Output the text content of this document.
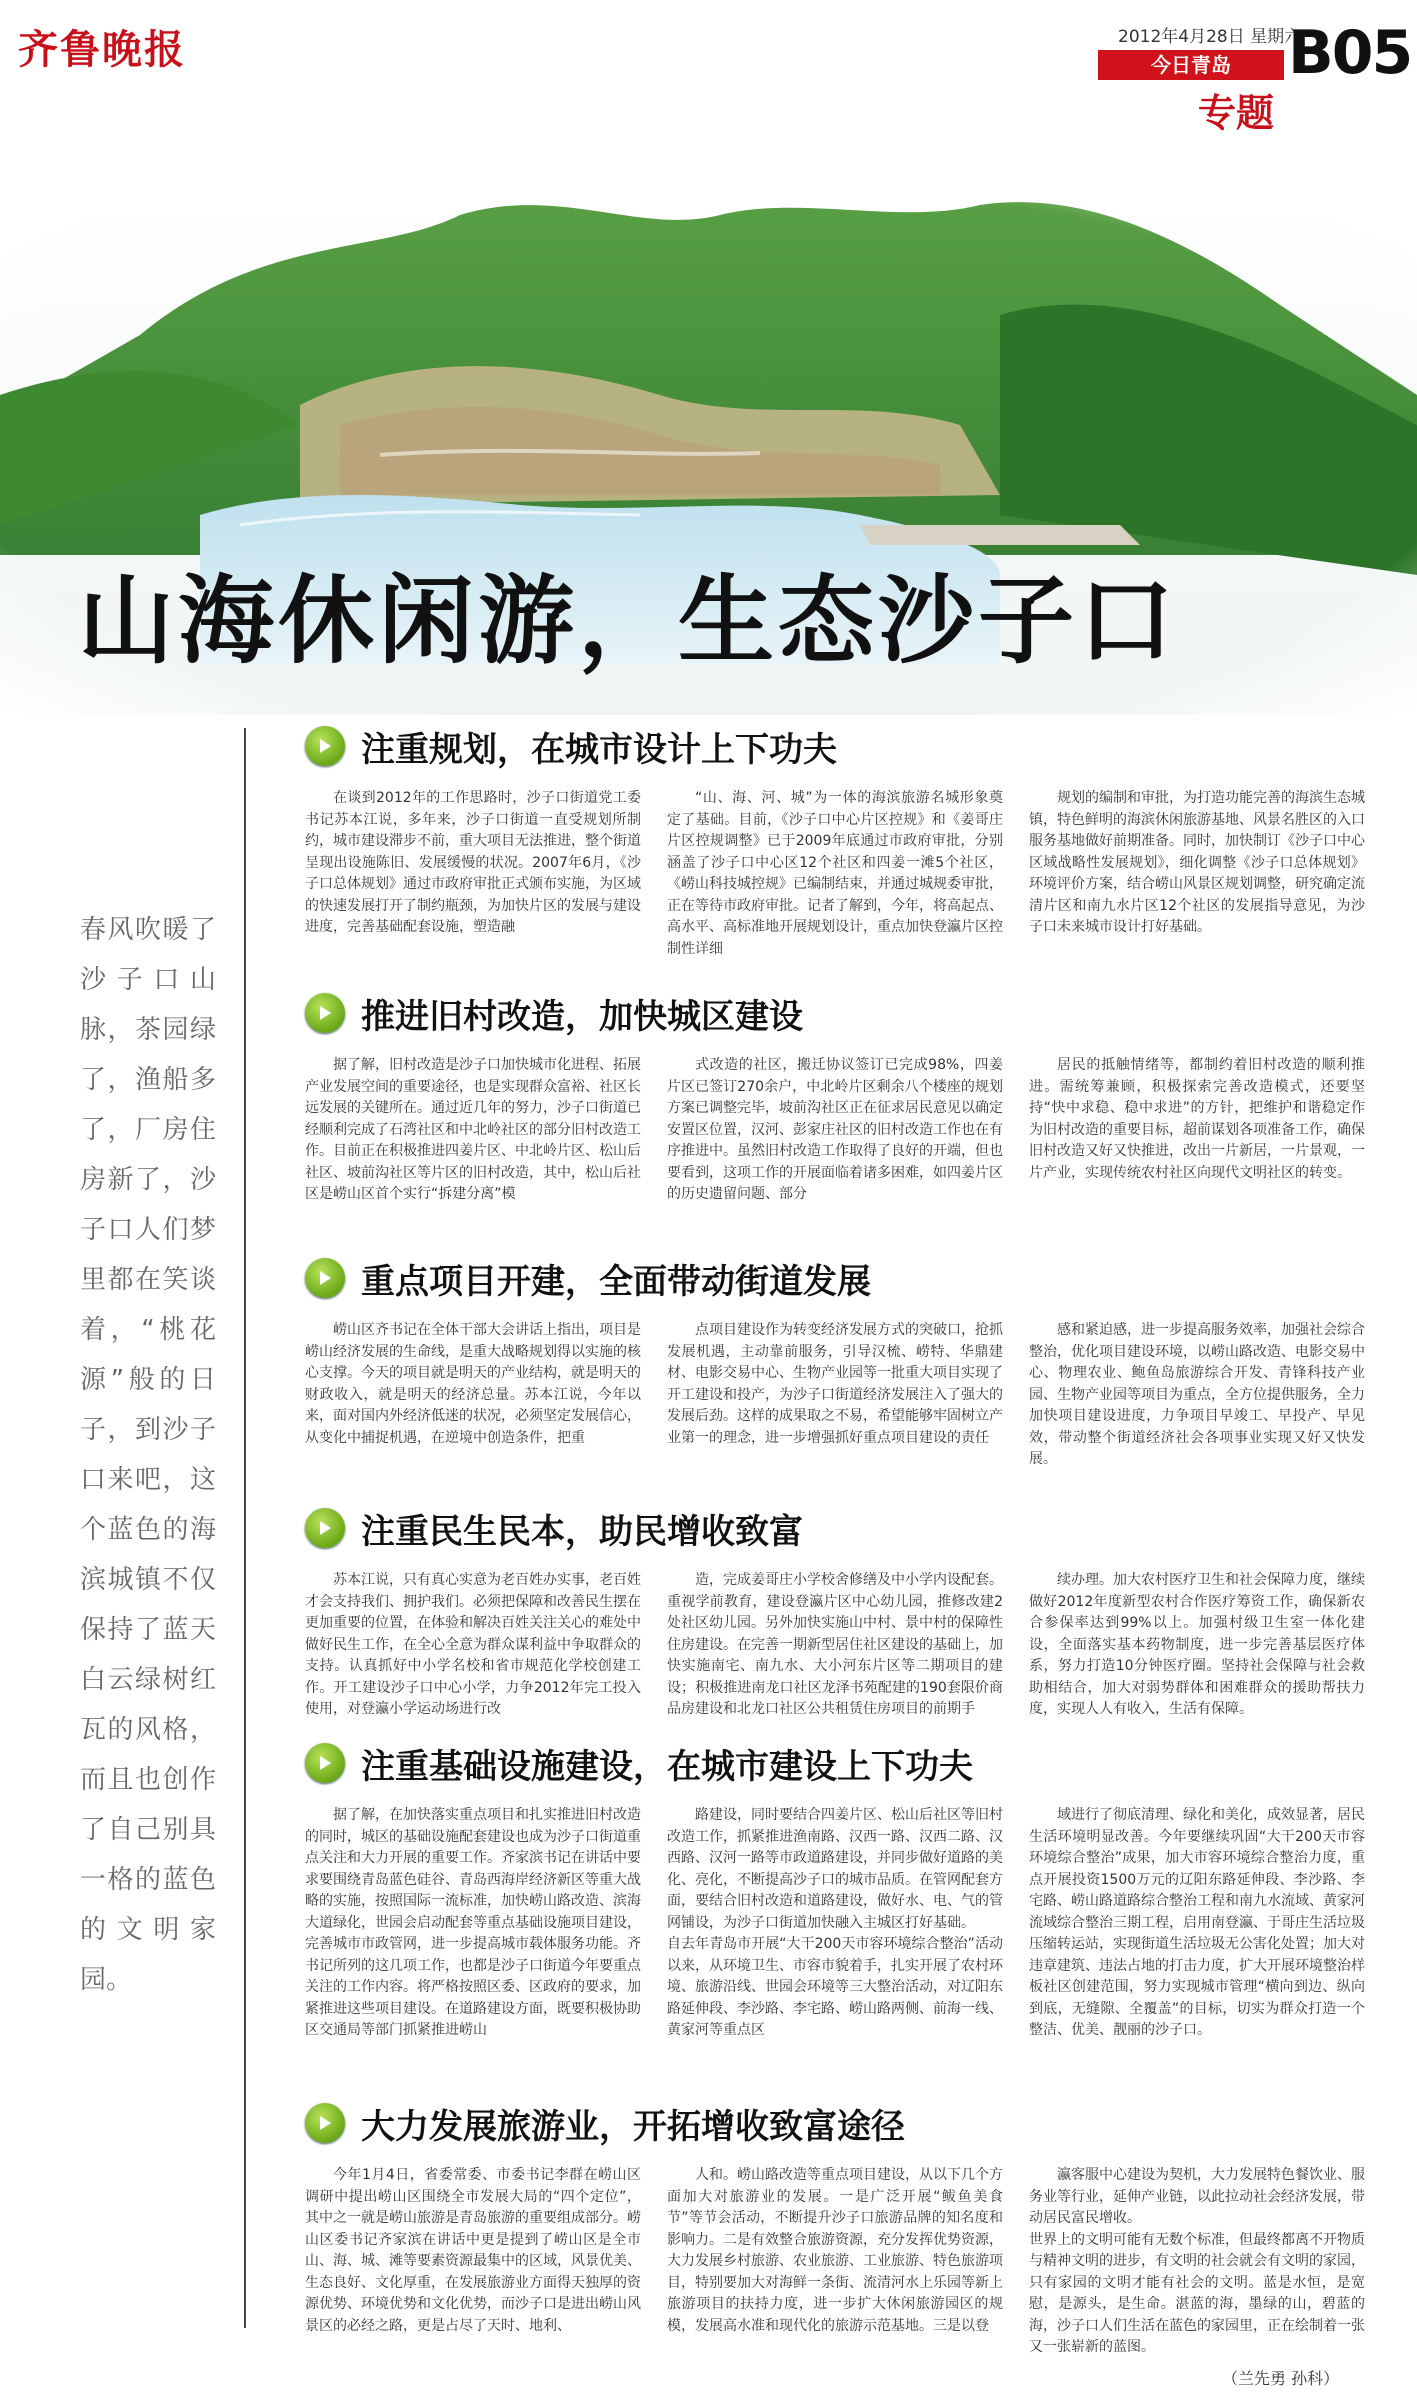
齐鲁晚报	2012年4月28日 星期六
今日青岛 B05
专题
山海休闲游，生态沙子口
春风吹暖了沙子口山脉，茶园绿了，渔船多了，厂房住房新了，沙子口人们梦里都在笑谈着，“桃花源”般的日子，到沙子口来吧，这个蓝色的海滨城镇不仅保持了蓝天白云绿树红瓦的风格，而且也创作了自己别具一格的蓝色的文明家园。
注重规划，在城市设计上下功夫
在谈到2012年的工作思路时，沙子口街道党工委书记苏本江说，多年来，沙子口街道一直受规划所制约，城市建设滞步不前，重大项目无法推进，整个街道呈现出设施陈旧、发展缓慢的状况。2007年6月，《沙子口总体规划》通过市政府审批正式颁布实施，为区域的快速发展打开了制约瓶颈，为加快片区的发展与建设进度，完善基础配套设施，塑造融
“山、海、河、城”为一体的海滨旅游名城形象奠定了基础。目前，《沙子口中心片区控规》和《姜哥庄片区控规调整》已于2009年底通过市政府审批，分别涵盖了沙子口中心区12个社区和四姜一滩5个社区，《崂山科技城控规》已编制结束，并通过城规委审批，正在等待市政府审批。记者了解到，今年，将高起点、高水平、高标准地开展规划设计，重点加快登瀛片区控制性详细
规划的编制和审批，为打造功能完善的海滨生态城镇，特色鲜明的海滨休闲旅游基地、风景名胜区的入口服务基地做好前期准备。同时，加快制订《沙子口中心区域战略性发展规划》，细化调整《沙子口总体规划》环境评价方案，结合崂山风景区规划调整，研究确定流清片区和南九水片区12个社区的发展指导意见，为沙子口未来城市设计打好基础。
推进旧村改造，加快城区建设
据了解，旧村改造是沙子口加快城市化进程、拓展产业发展空间的重要途径，也是实现群众富裕、社区长远发展的关键所在。通过近几年的努力，沙子口街道已经顺利完成了石湾社区和中北岭社区的部分旧村改造工作。目前正在积极推进四姜片区、中北岭片区、松山后社区、坡前沟社区等片区的旧村改造，其中，松山后社区是崂山区首个实行“拆建分离”模
式改造的社区，搬迁协议签订已完成98%，四姜片区已签订270余户，中北岭片区剩余八个楼座的规划方案已调整完毕，坡前沟社区正在征求居民意见以确定安置区位置，汉河、彭家庄社区的旧村改造工作也在有序推进中。虽然旧村改造工作取得了良好的开端，但也要看到，这项工作的开展面临着诸多困难，如四姜片区的历史遗留问题、部分
居民的抵触情绪等，都制约着旧村改造的顺利推进。需统筹兼顾，积极探索完善改造模式，还要坚持“快中求稳、稳中求进”的方针，把维护和谐稳定作为旧村改造的重要目标，超前谋划各项准备工作，确保旧村改造又好又快推进，改出一片新居，一片景观，一片产业，实现传统农村社区向现代文明社区的转变。
重点项目开建，全面带动街道发展
崂山区齐书记在全体干部大会讲话上指出，项目是崂山经济发展的生命线，是重大战略规划得以实施的核心支撑。今天的项目就是明天的产业结构，就是明天的财政收入，就是明天的经济总量。苏本江说，今年以来，面对国内外经济低迷的状况，必须坚定发展信心，从变化中捕捉机遇，在逆境中创造条件，把重
点项目建设作为转变经济发展方式的突破口，抢抓发展机遇，主动靠前服务，引导汉梳、崂特、华鼎建材、电影交易中心、生物产业园等一批重大项目实现了开工建设和投产，为沙子口街道经济发展注入了强大的发展后劲。这样的成果取之不易，希望能够牢固树立产业第一的理念，进一步增强抓好重点项目建设的责任
感和紧迫感，进一步提高服务效率，加强社会综合整治，优化项目建设环境，以崂山路改造、电影交易中心、物理农业、鲍鱼岛旅游综合开发、青锋科技产业园、生物产业园等项目为重点，全方位提供服务，全力加快项目建设进度，力争项目早竣工、早投产、早见效，带动整个街道经济社会各项事业实现又好又快发展。
注重民生民本，助民增收致富
苏本江说，只有真心实意为老百姓办实事，老百姓才会支持我们、拥护我们。必须把保障和改善民生摆在更加重要的位置，在体验和解决百姓关注关心的难处中做好民生工作，在全心全意为群众谋利益中争取群众的支持。认真抓好中小学名校和省市规范化学校创建工作。开工建设沙子口中心小学，力争2012年完工投入使用，对登瀛小学运动场进行改
造，完成姜哥庄小学校舍修缮及中小学内设配套。重视学前教育，建设登瀛片区中心幼儿园，推修改建2处社区幼儿园。另外加快实施山中村、景中村的保障性住房建设。在完善一期新型居住社区建设的基础上，加快实施南宅、南九水、大小河东片区等二期项目的建设；积极推进南龙口社区龙泽书苑配建的190套限价商品房建设和北龙口社区公共租赁住房项目的前期手
续办理。加大农村医疗卫生和社会保障力度，继续做好2012年度新型农村合作医疗筹资工作，确保新农合参保率达到99%以上。加强村级卫生室一体化建设，全面落实基本药物制度，进一步完善基层医疗体系，努力打造10分钟医疗圈。坚持社会保障与社会救助相结合，加大对弱势群体和困难群众的援助帮扶力度，实现人人有收入，生活有保障。
注重基础设施建设，在城市建设上下功夫
据了解，在加快落实重点项目和扎实推进旧村改造的同时，城区的基础设施配套建设也成为沙子口街道重点关注和大力开展的重要工作。齐家滨书记在讲话中要求要围绕青岛蓝色硅谷、青岛西海岸经济新区等重大战略的实施，按照国际一流标准，加快崂山路改造、滨海大道绿化，世园会启动配套等重点基础设施项目建设，完善城市市政管网，进一步提高城市载体服务功能。齐书记所列的这几项工作，也都是沙子口街道今年要重点关注的工作内容。将严格按照区委、区政府的要求，加紧推进这些项目建设。在道路建设方面，既要积极协助区交通局等部门抓紧推进崂山
路建设，同时要结合四姜片区、松山后社区等旧村改造工作，抓紧推进渔南路、汉西一路、汉西二路、汉西路、汉河一路等市政道路建设，并同步做好道路的美化、亮化，不断提高沙子口的城市品质。在管网配套方面，要结合旧村改造和道路建设，做好水、电、气的管网铺设，为沙子口街道加快融入主城区打好基础。
自去年青岛市开展“大干200天市容环境综合整治”活动以来，从环境卫生、市容市貌着手，扎实开展了农村环境、旅游沿线、世园会环境等三大整治活动，对辽阳东路延伸段、李沙路、李宅路、崂山路两侧、前海一线、黄家河等重点区
域进行了彻底清理、绿化和美化，成效显著，居民生活环境明显改善。今年要继续巩固“大干200天市容环境综合整治”成果，加大市容环境综合整治力度，重点开展投资1500万元的辽阳东路延伸段、李沙路、李宅路、崂山路道路综合整治工程和南九水流域、黄家河流域综合整治三期工程，启用南登瀛、于哥庄生活垃圾压缩转运站，实现街道生活垃圾无公害化处置；加大对违章建筑、违法占地的打击力度，扩大开展环境整治样板社区创建范围，努力实现城市管理“横向到边、纵向到底，无缝隙、全覆盖”的目标，切实为群众打造一个整洁、优美、靓丽的沙子口。
大力发展旅游业，开拓增收致富途径
今年1月4日，省委常委、市委书记李群在崂山区调研中提出崂山区围绕全市发展大局的“四个定位”，其中之一就是崂山旅游是青岛旅游的重要组成部分。崂山区委书记齐家滨在讲话中更是提到了崂山区是全市山、海、城、滩等要素资源最集中的区域，风景优美、生态良好、文化厚重，在发展旅游业方面得天独厚的资源优势、环境优势和文化优势，而沙子口是进出崂山风景区的必经之路，更是占尽了天时、地利、
人和。崂山路改造等重点项目建设，从以下几个方面加大对旅游业的发展。一是广泛开展“鲅鱼美食节”等节会活动，不断提升沙子口旅游品牌的知名度和影响力。二是有效整合旅游资源，充分发挥优势资源，大力发展乡村旅游、农业旅游、工业旅游、特色旅游项目，特别要加大对海鲜一条街、流清河水上乐园等新上旅游项目的扶持力度，进一步扩大休闲旅游园区的规模，发展高水准和现代化的旅游示范基地。三是以登
瀛客服中心建设为契机，大力发展特色餐饮业、服务业等行业，延伸产业链，以此拉动社会经济发展，带动居民富民增收。
世界上的文明可能有无数个标准，但最终都离不开物质与精神文明的进步，有文明的社会就会有文明的家园，只有家园的文明才能有社会的文明。蓝是水恒，是宽慰，是源头，是生命。湛蓝的海，墨绿的山，碧蓝的海，沙子口人们生活在蓝色的家园里，正在绘制着一张又一张崭新的蓝图。
（兰先勇 孙科）
